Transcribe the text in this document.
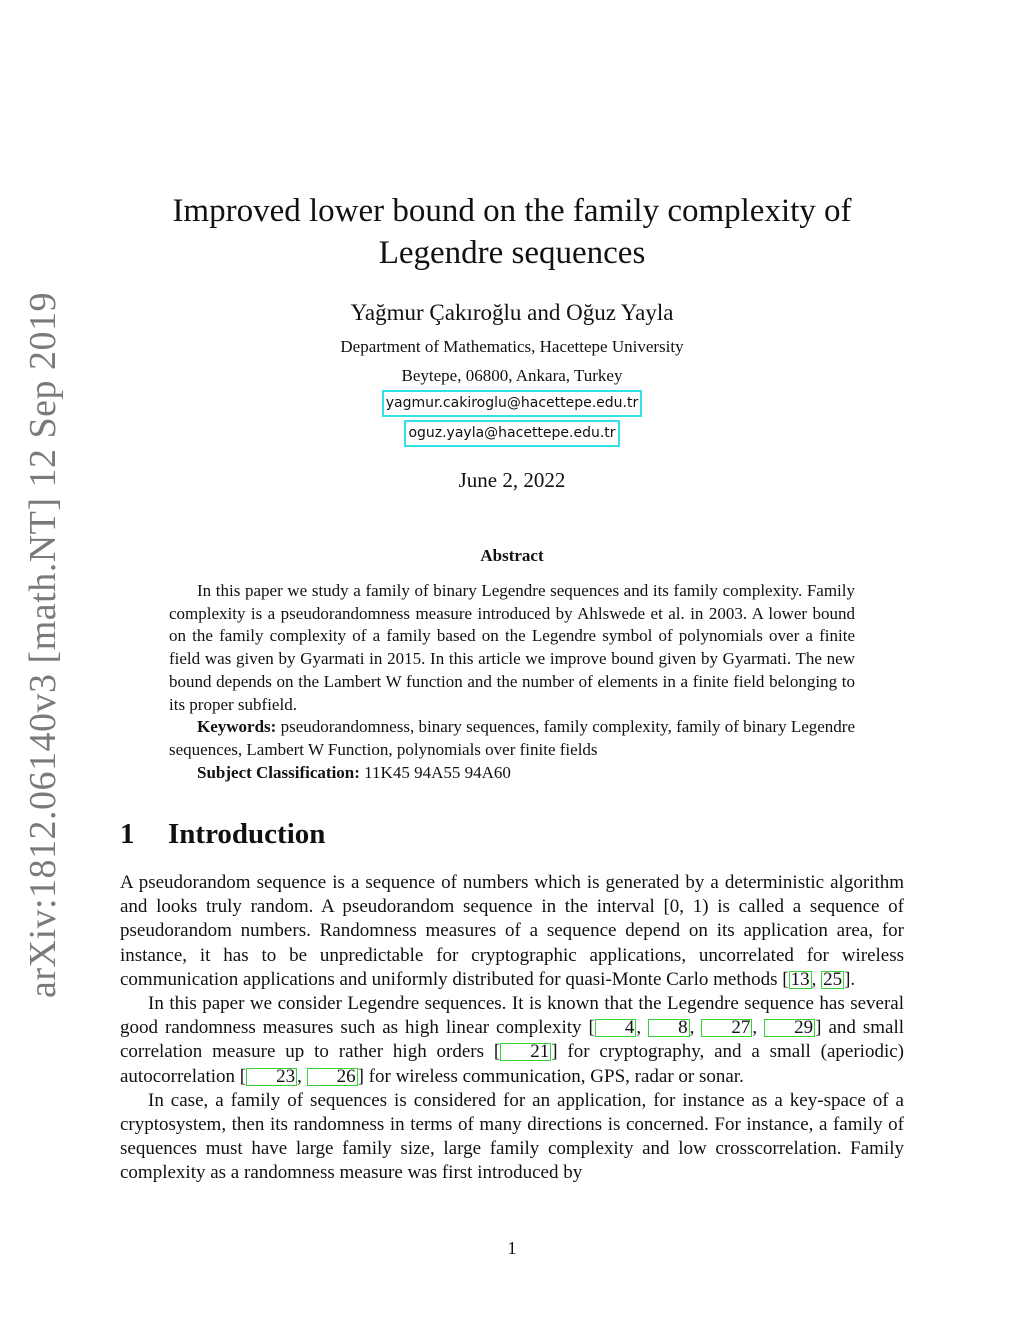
arXiv:1812.06140v3 [math.NT] 12 Sep 2019
Improved lower bound on the family complexity of
Legendre sequences
Yağmur Çakıroğlu and Oğuz Yayla
Department of Mathematics, Hacettepe University
Beytepe, 06800, Ankara, Turkey
yagmur.cakiroglu@hacettepe.edu.tr
oguz.yayla@hacettepe.edu.tr
June 2, 2022
Abstract

In this paper we study a family of binary Legendre sequences and its family complexity. Family complexity is a pseudorandomness measure introduced by Ahlswede et al. in 2003. A lower bound on the family complexity of a family based on the Legendre symbol of polynomials over a finite field was given by Gyarmati in 2015. In this article we improve bound given by Gyarmati. The new bound depends on the Lambert W function and the number of elements in a finite field belonging to its proper subfield.

Keywords: pseudorandomness, binary sequences, family complexity, family of binary Legendre sequences, Lambert W Function, polynomials over finite fields

Subject Classification: 11K45 94A55 94A60

1 Introduction

A pseudorandom sequence is a sequence of numbers which is generated by a deterministic algorithm and looks truly random. A pseudorandom sequence in the interval [0, 1) is called a sequence of pseudorandom numbers. Randomness measures of a sequence depend on its application area, for instance, it has to be unpredictable for cryptographic applications, uncorrelated for wireless communication applications and uniformly distributed for quasi-Monte Carlo methods [ 13 , 25 ].

In this paper we consider Legendre sequences. It is known that the Legendre sequence has several good randomness measures such as high linear complexity [ 4 , 8 , 27 , 29 ] and small correlation measure up to rather high orders [ 21 ] for cryptography, and a small (aperiodic) autocorrelation [ 23 , 26 ] for wireless communication, GPS, radar or sonar.

In case, a family of sequences is considered for an application, for instance as a key-space of a cryptosystem, then its randomness in terms of many directions is concerned. For instance, a family of sequences must have large family size, large family complexity and low crosscorrelation. Family complexity as a randomness measure was first introduced by

1
